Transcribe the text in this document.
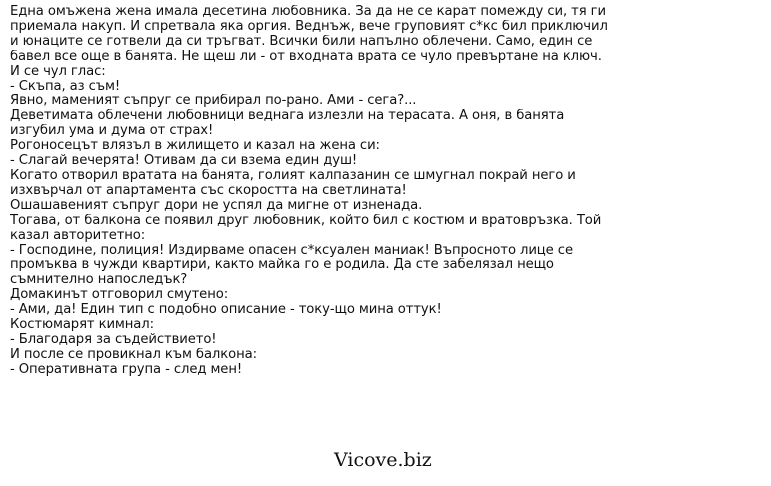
Една омъжена жена имала десетина любовника. За да не се карат помежду си, тя ги
приемала накуп. И спретвала яка оргия. Веднъж, вече груповият с*кс бил приключил
и юнаците се готвели да си тръгват. Всички били напълно облечени. Само, един се
бавел все още в банята. Не щеш ли - от входната врата се чуло превъртане на ключ.
И се чул глас:
- Скъпа, аз съм!
Явно, мамeният съпруг се прибирал по-рано. Ами - сега?...
Деветимата облечени любовници веднага излезли на терасата. А оня, в банята
изгубил ума и дума от страх!
Рогоносецът влязъл в жилището и казал на жена си:
- Слагай вечерята! Отивам да си взема един душ!
Когато отворил вратата на банята, голият калпазанин се шмугнал покрай него и
изхвърчал от апартамента със скоростта на светлината!
Ошашавеният съпруг дори не успял да мигне от изненада.
Тогава, от балкона се появил друг любовник, който бил с костюм и вратовръзка. Той
казал авторитетно:
- Господине, полиция! Издирваме опасен с*ксуален маниак! Въпросното лице се
промъква в чужди квартири, както майка го е родила. Да сте забелязал нещо
съмнително напоследък?
Домакинът отговорил смутено:
- Ами, да! Един тип с подобно описание - току-що мина оттук!
Костюмарят кимнал:
- Благодаря за съдействието!
И после се провикнал към балкона:
- Оперативната група - след мен!
Vicove.biz
